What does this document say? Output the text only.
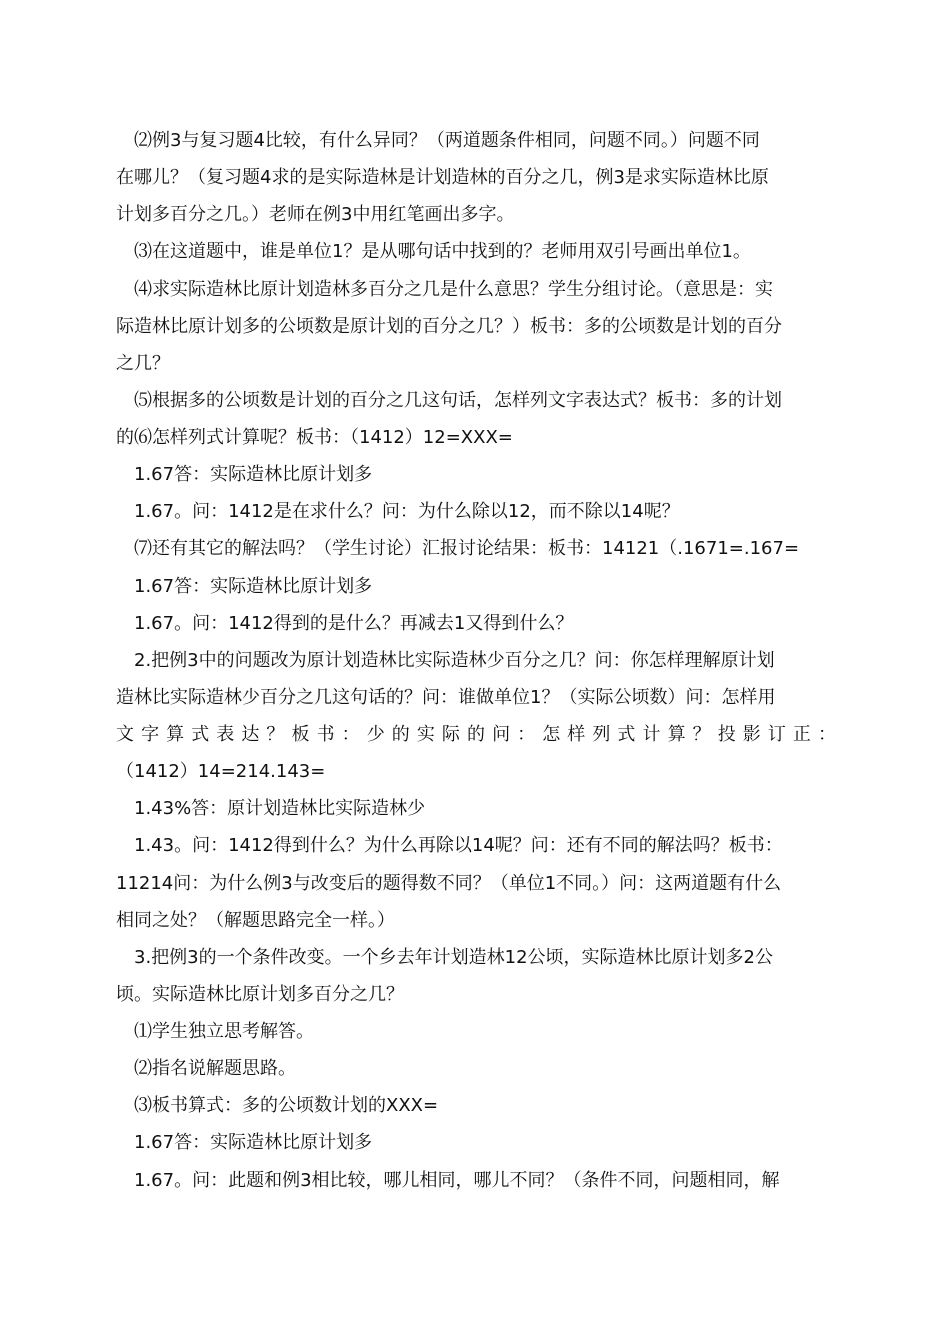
⑵例3与复习题4比较，有什么异同？（两道题条件相同，问题不同。）问题不同
在哪儿？（复习题4求的是实际造林是计划造林的百分之几，例3是求实际造林比原
计划多百分之几。）老师在例3中用红笔画出多字。
⑶在这道题中，谁是单位1？是从哪句话中找到的？老师用双引号画出单位1。
⑷求实际造林比原计划造林多百分之几是什么意思？学生分组讨论。（意思是：实
际造林比原计划多的公顷数是原计划的百分之几？）板书：多的公顷数是计划的百分
之几？
⑸根据多的公顷数是计划的百分之几这句话，怎样列文字表达式？板书：多的计划
的⑹怎样列式计算呢？板书：（1412）12=XXX=
1.67答：实际造林比原计划多
1.67。问：1412是在求什么？问：为什么除以12，而不除以14呢？
⑺还有其它的解法吗？（学生讨论）汇报讨论结果：板书：14121（.1671=.167=
1.67答：实际造林比原计划多
1.67。问：1412得到的是什么？再减去1又得到什么？
2.把例3中的问题改为原计划造林比实际造林少百分之几？问：你怎样理解原计划
造林比实际造林少百分之几这句话的？问：谁做单位1？（实际公顷数）问：怎样用
文字算式表达？板书：少的实际的问：怎样列式计算？投影订正：
（1412）14=214.143=
1.43%答：原计划造林比实际造林少
1.43。问：1412得到什么？为什么再除以14呢？问：还有不同的解法吗？板书：
11214问：为什么例3与改变后的题得数不同？（单位1不同。）问：这两道题有什么
相同之处？（解题思路完全一样。）
3.把例3的一个条件改变。一个乡去年计划造林12公顷，实际造林比原计划多2公
顷。实际造林比原计划多百分之几？
⑴学生独立思考解答。
⑵指名说解题思路。
⑶板书算式：多的公顷数计划的XXX=
1.67答：实际造林比原计划多
1.67。问：此题和例3相比较，哪儿相同，哪儿不同？（条件不同，问题相同，解
